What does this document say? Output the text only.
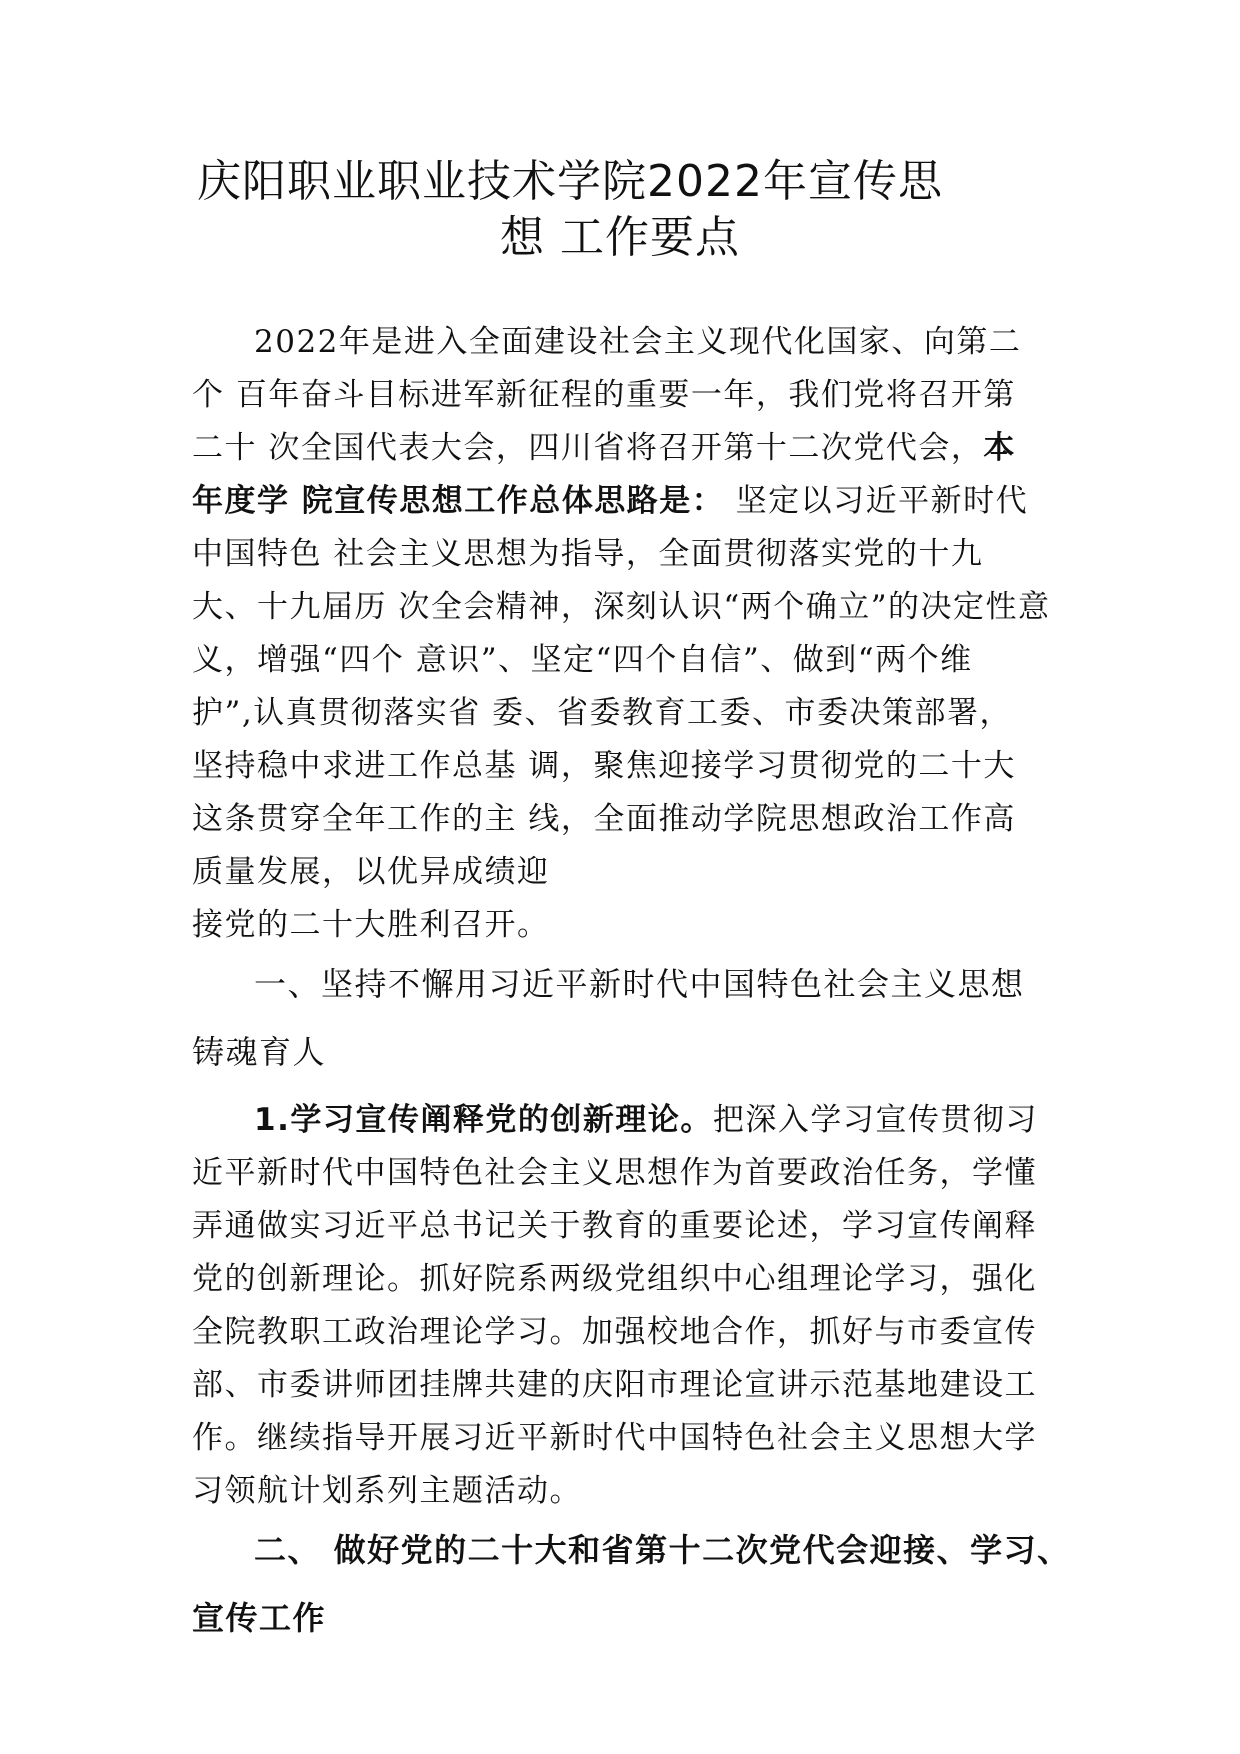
庆阳职业职业技术学院2022年宣传思
想 工作要点
2022年是进入全面建设社会主义现代化国家、向第二
个 百年奋斗目标进军新征程的重要一年，我们党将召开第
二十 次全国代表大会，四川省将召开第十二次党代会，本
年度学 院宣传思想工作总体思路是： 坚定以习近平新时代
中国特色 社会主义思想为指导，全面贯彻落实党的十九
大、十九届历 次全会精神，深刻认识“两个确立”的决定性意
义，增强“四个 意识”、坚定“四个自信”、做到“两个维
护”,认真贯彻落实省 委、省委教育工委、市委决策部署，
坚持稳中求进工作总基 调，聚焦迎接学习贯彻党的二十大
这条贯穿全年工作的主 线，全面推动学院思想政治工作高
质量发展，以优异成绩迎
接党的二十大胜利召开。
一、坚持不懈用习近平新时代中国特色社会主义思想
铸魂育人
1.学习宣传阐释党的创新理论。把深入学习宣传贯彻习
近平新时代中国特色社会主义思想作为首要政治任务，学懂
弄通做实习近平总书记关于教育的重要论述，学习宣传阐释
党的创新理论。抓好院系两级党组织中心组理论学习，强化
全院教职工政治理论学习。加强校地合作，抓好与市委宣传
部、市委讲师团挂牌共建的庆阳市理论宣讲示范基地建设工
作。继续指导开展习近平新时代中国特色社会主义思想大学
习领航计划系列主题活动。
二、 做好党的二十大和省第十二次党代会迎接、学习、
宣传工作
